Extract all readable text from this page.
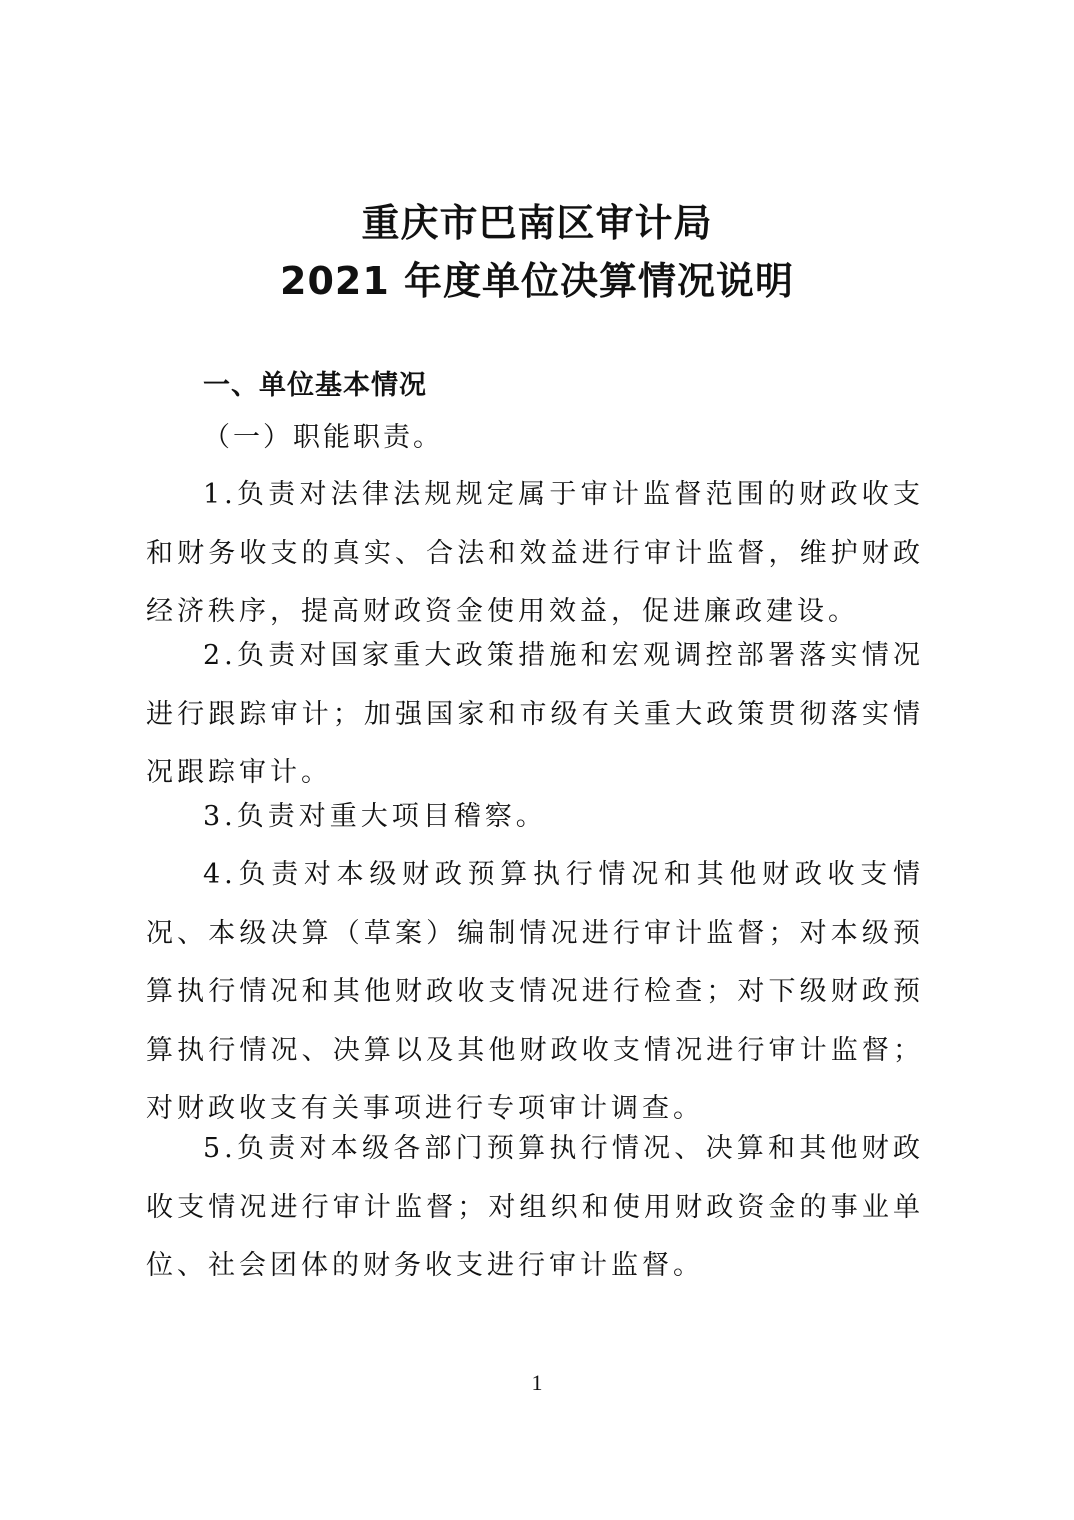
重庆市巴南区审计局
2021 年度单位决算情况说明
一、单位基本情况
（一）职能职责。

1.负责对法律法规规定属于审计监督范围的财政收支和财务收支的真实、合法和效益进行审计监督，维护财政经济秩序，提高财政资金使用效益，促进廉政建设。

2.负责对国家重大政策措施和宏观调控部署落实情况进行跟踪审计；加强国家和市级有关重大政策贯彻落实情况跟踪审计。

3.负责对重大项目稽察。

4.负责对本级财政预算执行情况和其他财政收支情况、本级决算（草案）编制情况进行审计监督；对本级预算执行情况和其他财政收支情况进行检查；对下级财政预算执行情况、决算以及其他财政收支情况进行审计监督；对财政收支有关事项进行专项审计调查。

5.负责对本级各部门预算执行情况、决算和其他财政收支情况进行审计监督；对组织和使用财政资金的事业单位、社会团体的财务收支进行审计监督。

1
